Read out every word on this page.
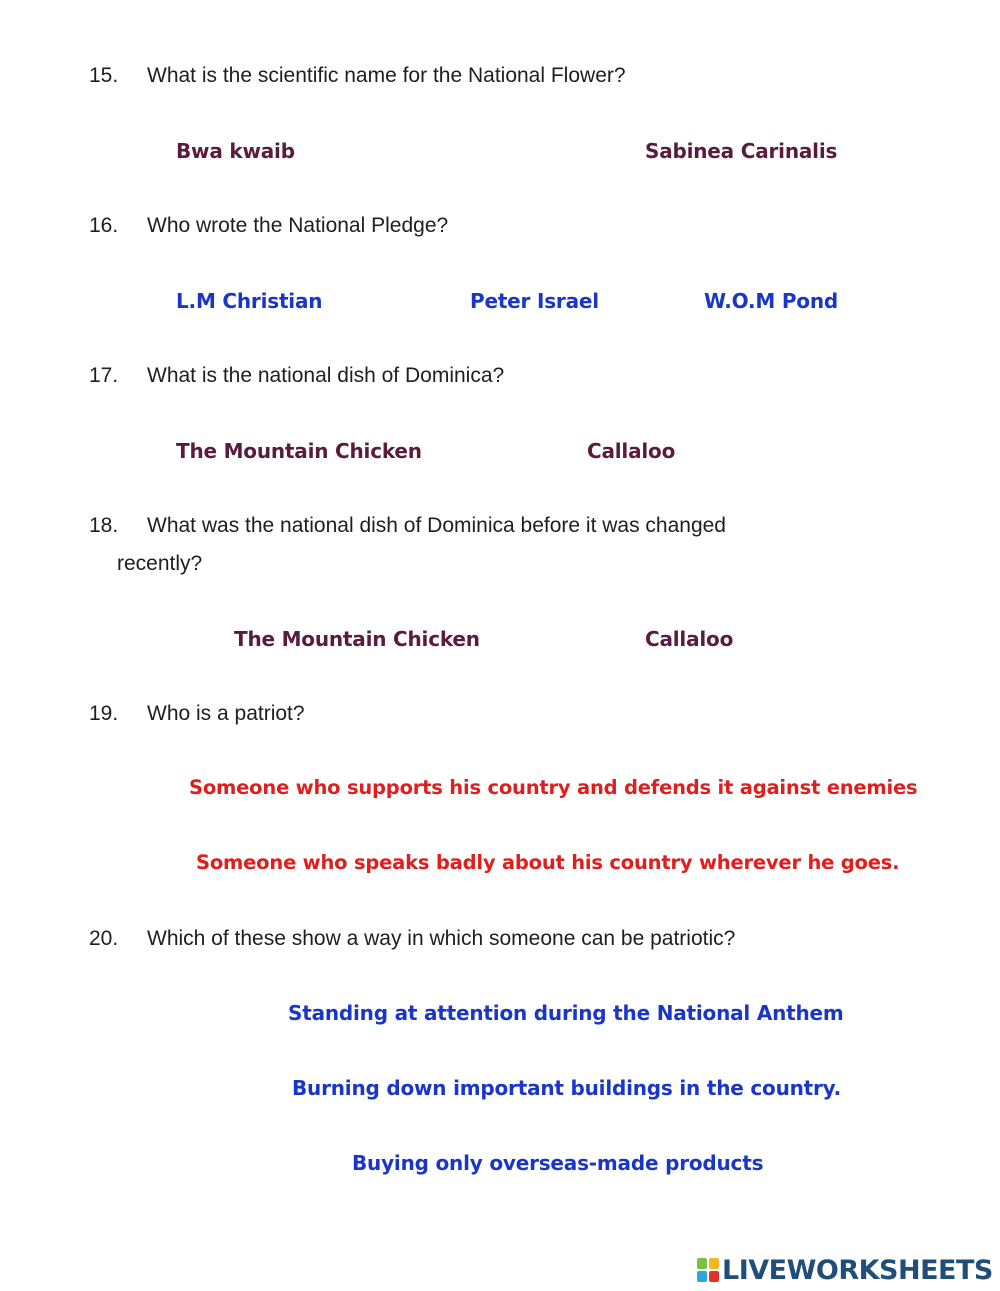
15. What is the scientific name for the National Flower?
Bwa kwaib	Sabinea Carinalis
16. Who wrote the National Pledge?
L.M Christian	Peter Israel	W.O.M Pond
17. What is the national dish of Dominica?
The Mountain Chicken	Callaloo
18. What was the national dish of Dominica before it was changed
recently?
The Mountain Chicken	Callaloo
19. Who is a patriot?
Someone who supports his country and defends it against enemies
Someone who speaks badly about his country wherever he goes.
20. Which of these show a way in which someone can be patriotic?
Standing at attention during the National Anthem
Burning down important buildings in the country.
Buying only overseas-made products
LIVEWORKSHEETS
